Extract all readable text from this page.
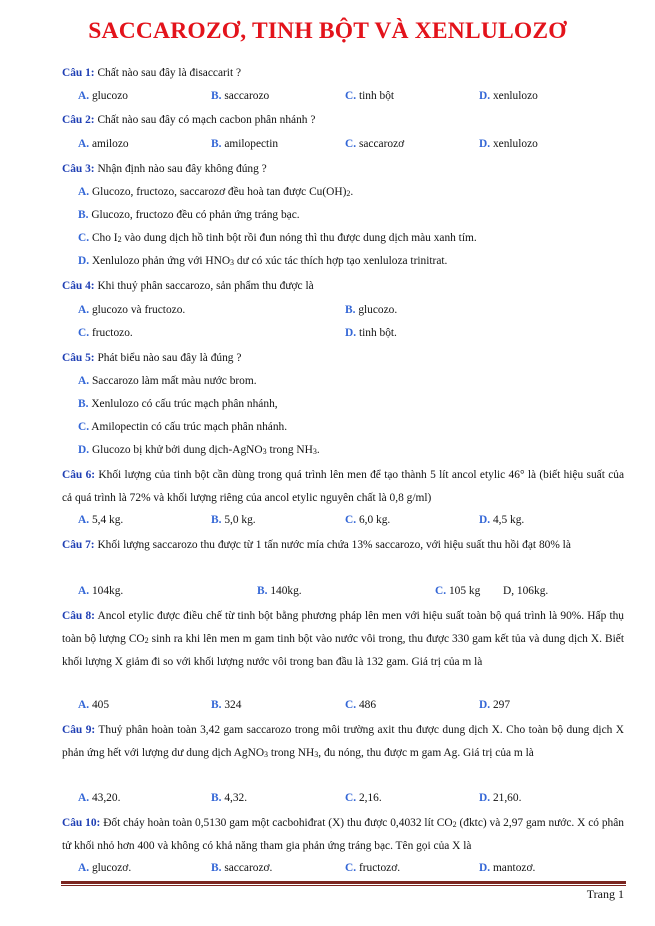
SACCAROZƠ, TINH BỘT VÀ XENLULOZƠ
Câu 1: Chất nào sau đây là đisaccarit ?
A. glucozo	B. saccarozo	C. tinh bột	D. xenlulozo
Câu 2: Chất nào sau đây có mạch cacbon phân nhánh ?
A. amilozo	B. amilopectin	C. saccarozơ	D. xenlulozo
Câu 3: Nhận định nào sau đây không đúng ?
A. Glucozo, fructozo, saccarozơ đều hoà tan được $Cu(OH)_2$.
B. Glucozo, fructozo đều có phản ứng tráng bạc.
C. Cho $I_2$ vào dung dịch hồ tinh bột rồi đun nóng thì thu được dung dịch màu xanh tím.
D. Xenlulozo phản ứng với $HNO_3$ dư có xúc tác thích hợp tạo xenluloza trinitrat.
Câu 4: Khi thuỷ phân saccarozo, sản phẩm thu được là
A. glucozo và fructozo.	B. glucozo.
C. fructozo.	D. tinh bột.
Câu 5: Phát biểu nào sau đây là đúng ?
A. Saccarozo làm mất màu nước brom.
B. Xenlulozo có cấu trúc mạch phân nhánh,
C. Amilopectin có cấu trúc mạch phân nhánh.
D. Glucozo bị khử bởi dung dịch-AgNO$_3$ trong $NH_3$.
Câu 6: Khối lượng của tinh bột cần dùng trong quá trình lên men để tạo thành 5 lít ancol etylic 46° là (biết hiệu suất của cả quá trình là 72% và khối lượng riêng của ancol etylic nguyên chất là 0,8 g/ml)
A. 5,4 kg.	B. 5,0 kg.	C. 6,0 kg.	D. 4,5 kg.
Câu 7: Khối lượng saccarozo thu được từ 1 tấn nước mía chứa 13% saccarozo, với hiệu suất thu hồi đạt 80% là
A. 104kg.	B. 140kg.	C. 105 kg D, 106kg.
Câu 8: Ancol etylic được điều chế từ tinh bột bằng phương pháp lên men với hiệu suất toàn bộ quá trình là 90%. Hấp thụ toàn bộ lượng $CO_2$ sinh ra khi lên men m gam tinh bột vào nước vôi trong, thu được 330 gam kết tủa và dung dịch X. Biết khối lượng X giảm đi so với khối lượng nước vôi trong ban đầu là 132 gam. Giá trị của m là
A. 405	B. 324	C. 486	D. 297
Câu 9: Thuỷ phân hoàn toàn 3,42 gam saccarozo trong môi trường axit thu được dung dịch X. Cho toàn bộ dung dịch X phản ứng hết với lượng dư dung dịch AgNO$_3$ trong $NH_3$, đu nóng, thu được m gam Ag. Giá trị của m là
A. 43,20.	B. 4,32.	C. 2,16.	D. 21,60.
Câu 10: Đốt cháy hoàn toàn 0,5130 gam một cacbohiđrat (X) thu được 0,4032 lít $CO_2$ (đktc) và 2,97 gam nước. X có phân tử khối nhỏ hơn 400 và không có khả năng tham gia phản ứng tráng bạc. Tên gọi của X là
A. glucozơ.	B. saccarozơ.	C. fructozơ.	D. mantozơ.
Trang 1
